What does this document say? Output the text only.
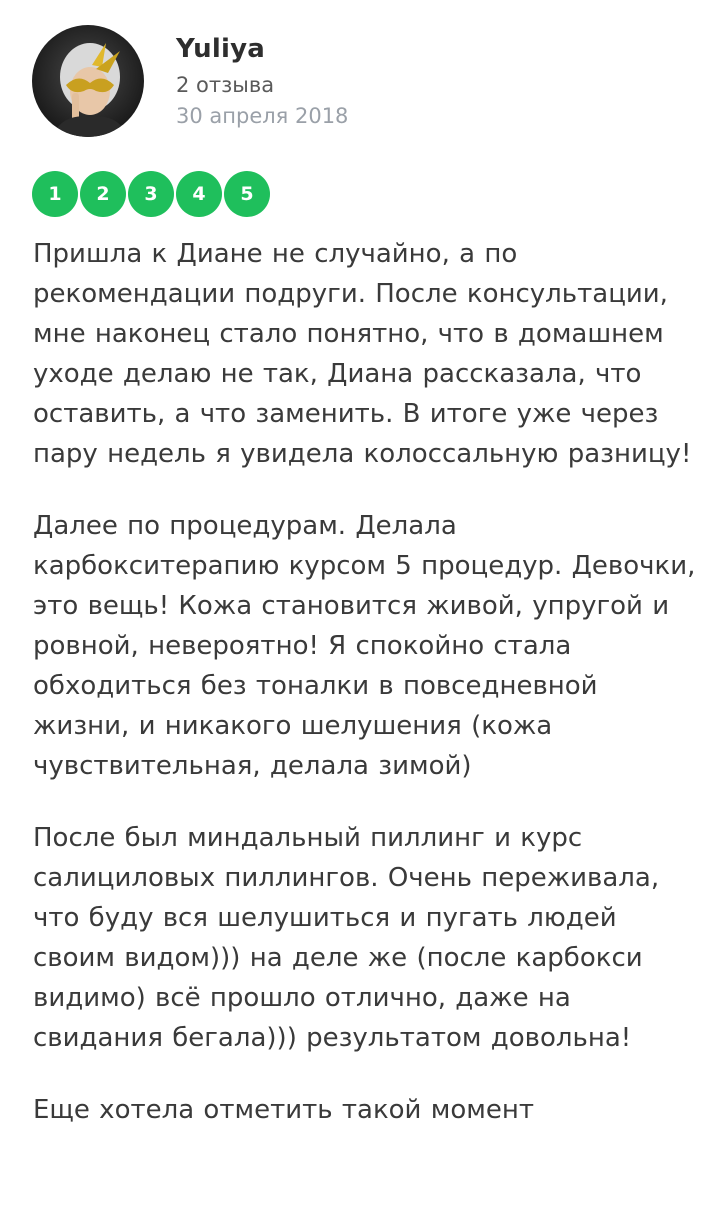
Yuliya
2 отзыва
30 апреля 2018
1	2	3	4	5

Пришла к Диане не случайно, а по рекомендации подруги. После консультации, мне наконец стало понятно, что в домашнем уходе делаю не так, Диана рассказала, что оставить, а что заменить. В итоге уже через пару недель я увидела колоссальную разницу!

Далее по процедурам. Делала карбокситерапию курсом 5 процедур. Девочки, это вещь! Кожа становится живой, упругой и ровной, невероятно! Я спокойно стала обходиться без тоналки в повседневной жизни, и никакого шелушения (кожа чувствительная, делала зимой)

После был миндальный пиллинг и курс салициловых пиллингов. Очень переживала, что буду вся шелушиться и пугать людей своим видом))) на деле же (после карбокси видимо) всё прошло отлично, даже на свидания бегала))) результатом довольна!

Еще хотела отметить такой момент
